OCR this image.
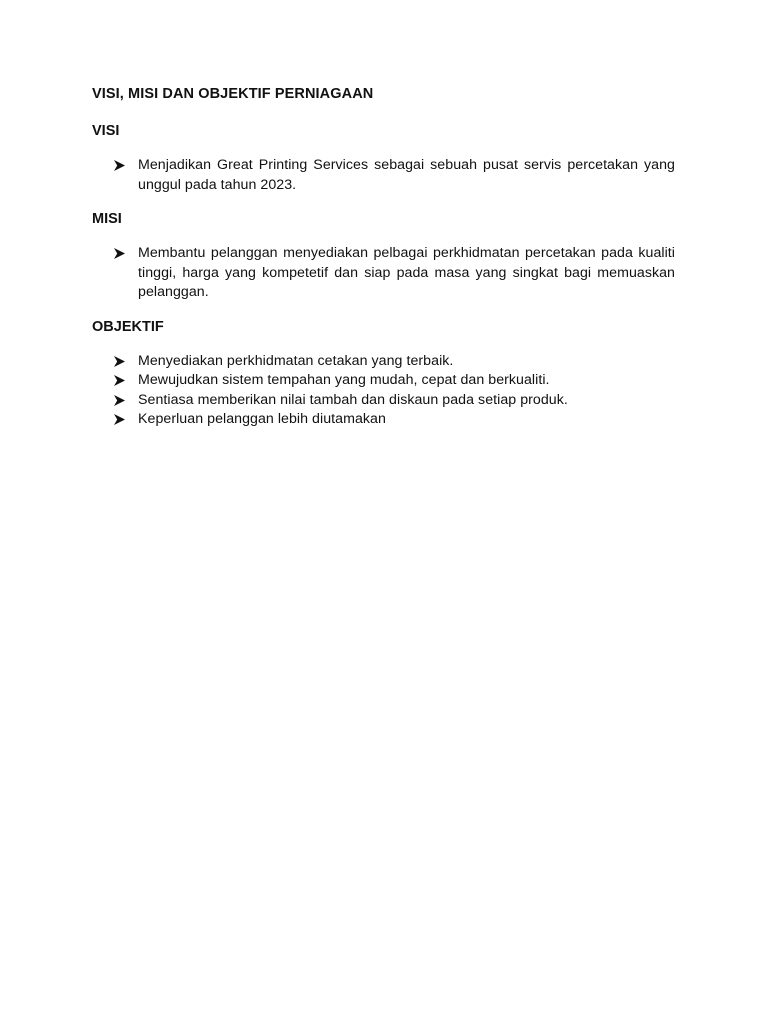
VISI, MISI DAN OBJEKTIF PERNIAGAAN
VISI
Menjadikan Great Printing Services sebagai sebuah pusat servis percetakan yang unggul pada tahun 2023.
MISI
Membantu pelanggan menyediakan pelbagai perkhidmatan percetakan pada kualiti tinggi, harga yang kompetetif dan siap pada masa yang singkat bagi memuaskan pelanggan.
OBJEKTIF
Menyediakan perkhidmatan cetakan yang terbaik.
Mewujudkan sistem tempahan yang mudah, cepat dan berkualiti.
Sentiasa memberikan nilai tambah dan diskaun pada setiap produk.
Keperluan pelanggan lebih diutamakan
